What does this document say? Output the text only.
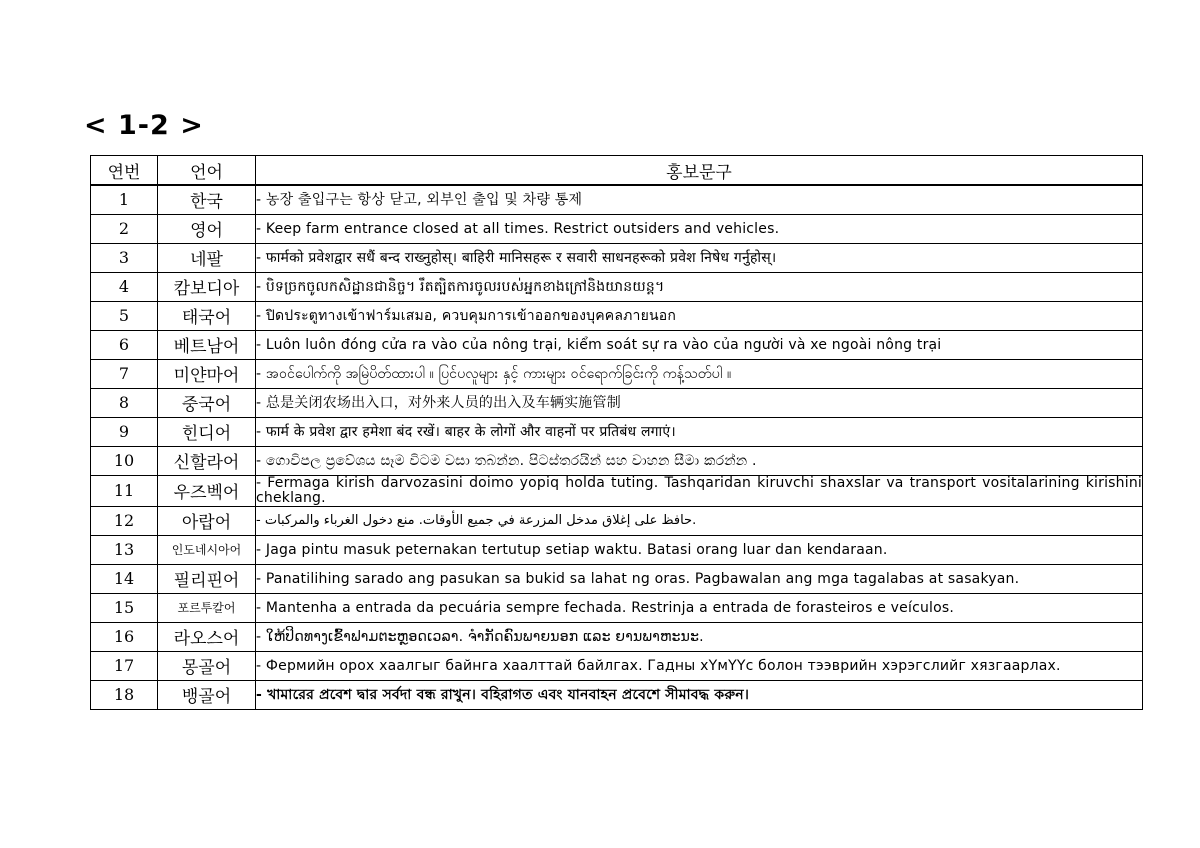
< 1-2 >
연번	언어	홍보문구
1	한국	- 농장 출입구는 항상 닫고, 외부인 출입 및 차량 통제
2	영어	- Keep farm entrance closed at all times. Restrict outsiders and vehicles.
3	네팔	- फार्मको प्रवेशद्वार सधैं बन्द राख्नुहोस्। बाहिरी मानिसहरू र सवारी साधनहरूको प्रवेश निषेध गर्नुहोस्।
4	캄보디아	- បិទច្រកចូលកសិដ្ឋានជានិច្ច។ រឹតត្បិតការចូលរបស់អ្នកខាងក្រៅនិងយានយន្ត។
5	태국어	- ปิดประตูทางเข้าฟาร์มเสมอ, ควบคุมการเข้าออกของบุคคลภายนอก
6	베트남어	- Luôn luôn đóng cửa ra vào của nông trại, kiểm soát sự ra vào của người và xe ngoài nông trại
7	미얀마어	- အဝင်ပေါက်ကို အမြဲပိတ်ထားပါ ။ ပြင်ပလူများ နှင့် ကားများ ဝင်ရောက်ခြင်းကို ကန့်သတ်ပါ ။
8	중국어	- 总是关闭农场出入口，对外来人员的出入及车辆实施管制
9	힌디어	- फार्म के प्रवेश द्वार हमेशा बंद रखें। बाहर के लोगों और वाहनों पर प्रतिबंध लगाएं।
10	신할라어	- ගොවිපල ප්‍රවේශය සෑම විටම වසා තබන්න. පිටස්තරයින් සහ වාහන සීමා කරන්න .
11	우즈벡어	- Fermaga kirish darvozasini doimo yopiq holda tuting. Tashqaridan kiruvchi shaxslar va transport vositalarining kirishini cheklang.
12	아랍어	- حافظ على إغلاق مدخل المزرعة في جميع الأوقات. منع دخول الغرباء والمركبات.
13	인도네시아어	- Jaga pintu masuk peternakan tertutup setiap waktu. Batasi orang luar dan kendaraan.
14	필리핀어	- Panatilihing sarado ang pasukan sa bukid sa lahat ng oras. Pagbawalan ang mga tagalabas at sasakyan.
15	포르투칼어	- Mantenha a entrada da pecuária sempre fechada. Restrinja a entrada de forasteiros e veículos.
16	라오스어	- ໃຫ້ປິດທາງເຂົ້າຟາມຕະຫຼອດເວລາ. ຈຳກັດຄົນພາຍນອກ ແລະ ຍານພາຫະນະ.
17	몽골어	- Фермийн орох хаалгыг байнга хаалттай байлгах. Гадны хҮмҮҮс болон тээврийн хэрэгслийг хязгаарлах.
18	뱅골어	- খামারের প্রবেশ দ্বার সর্বদা বন্ধ রাখুন। বহিরাগত এবং যানবাহন প্রবেশে সীমাবদ্ধ করুন।
